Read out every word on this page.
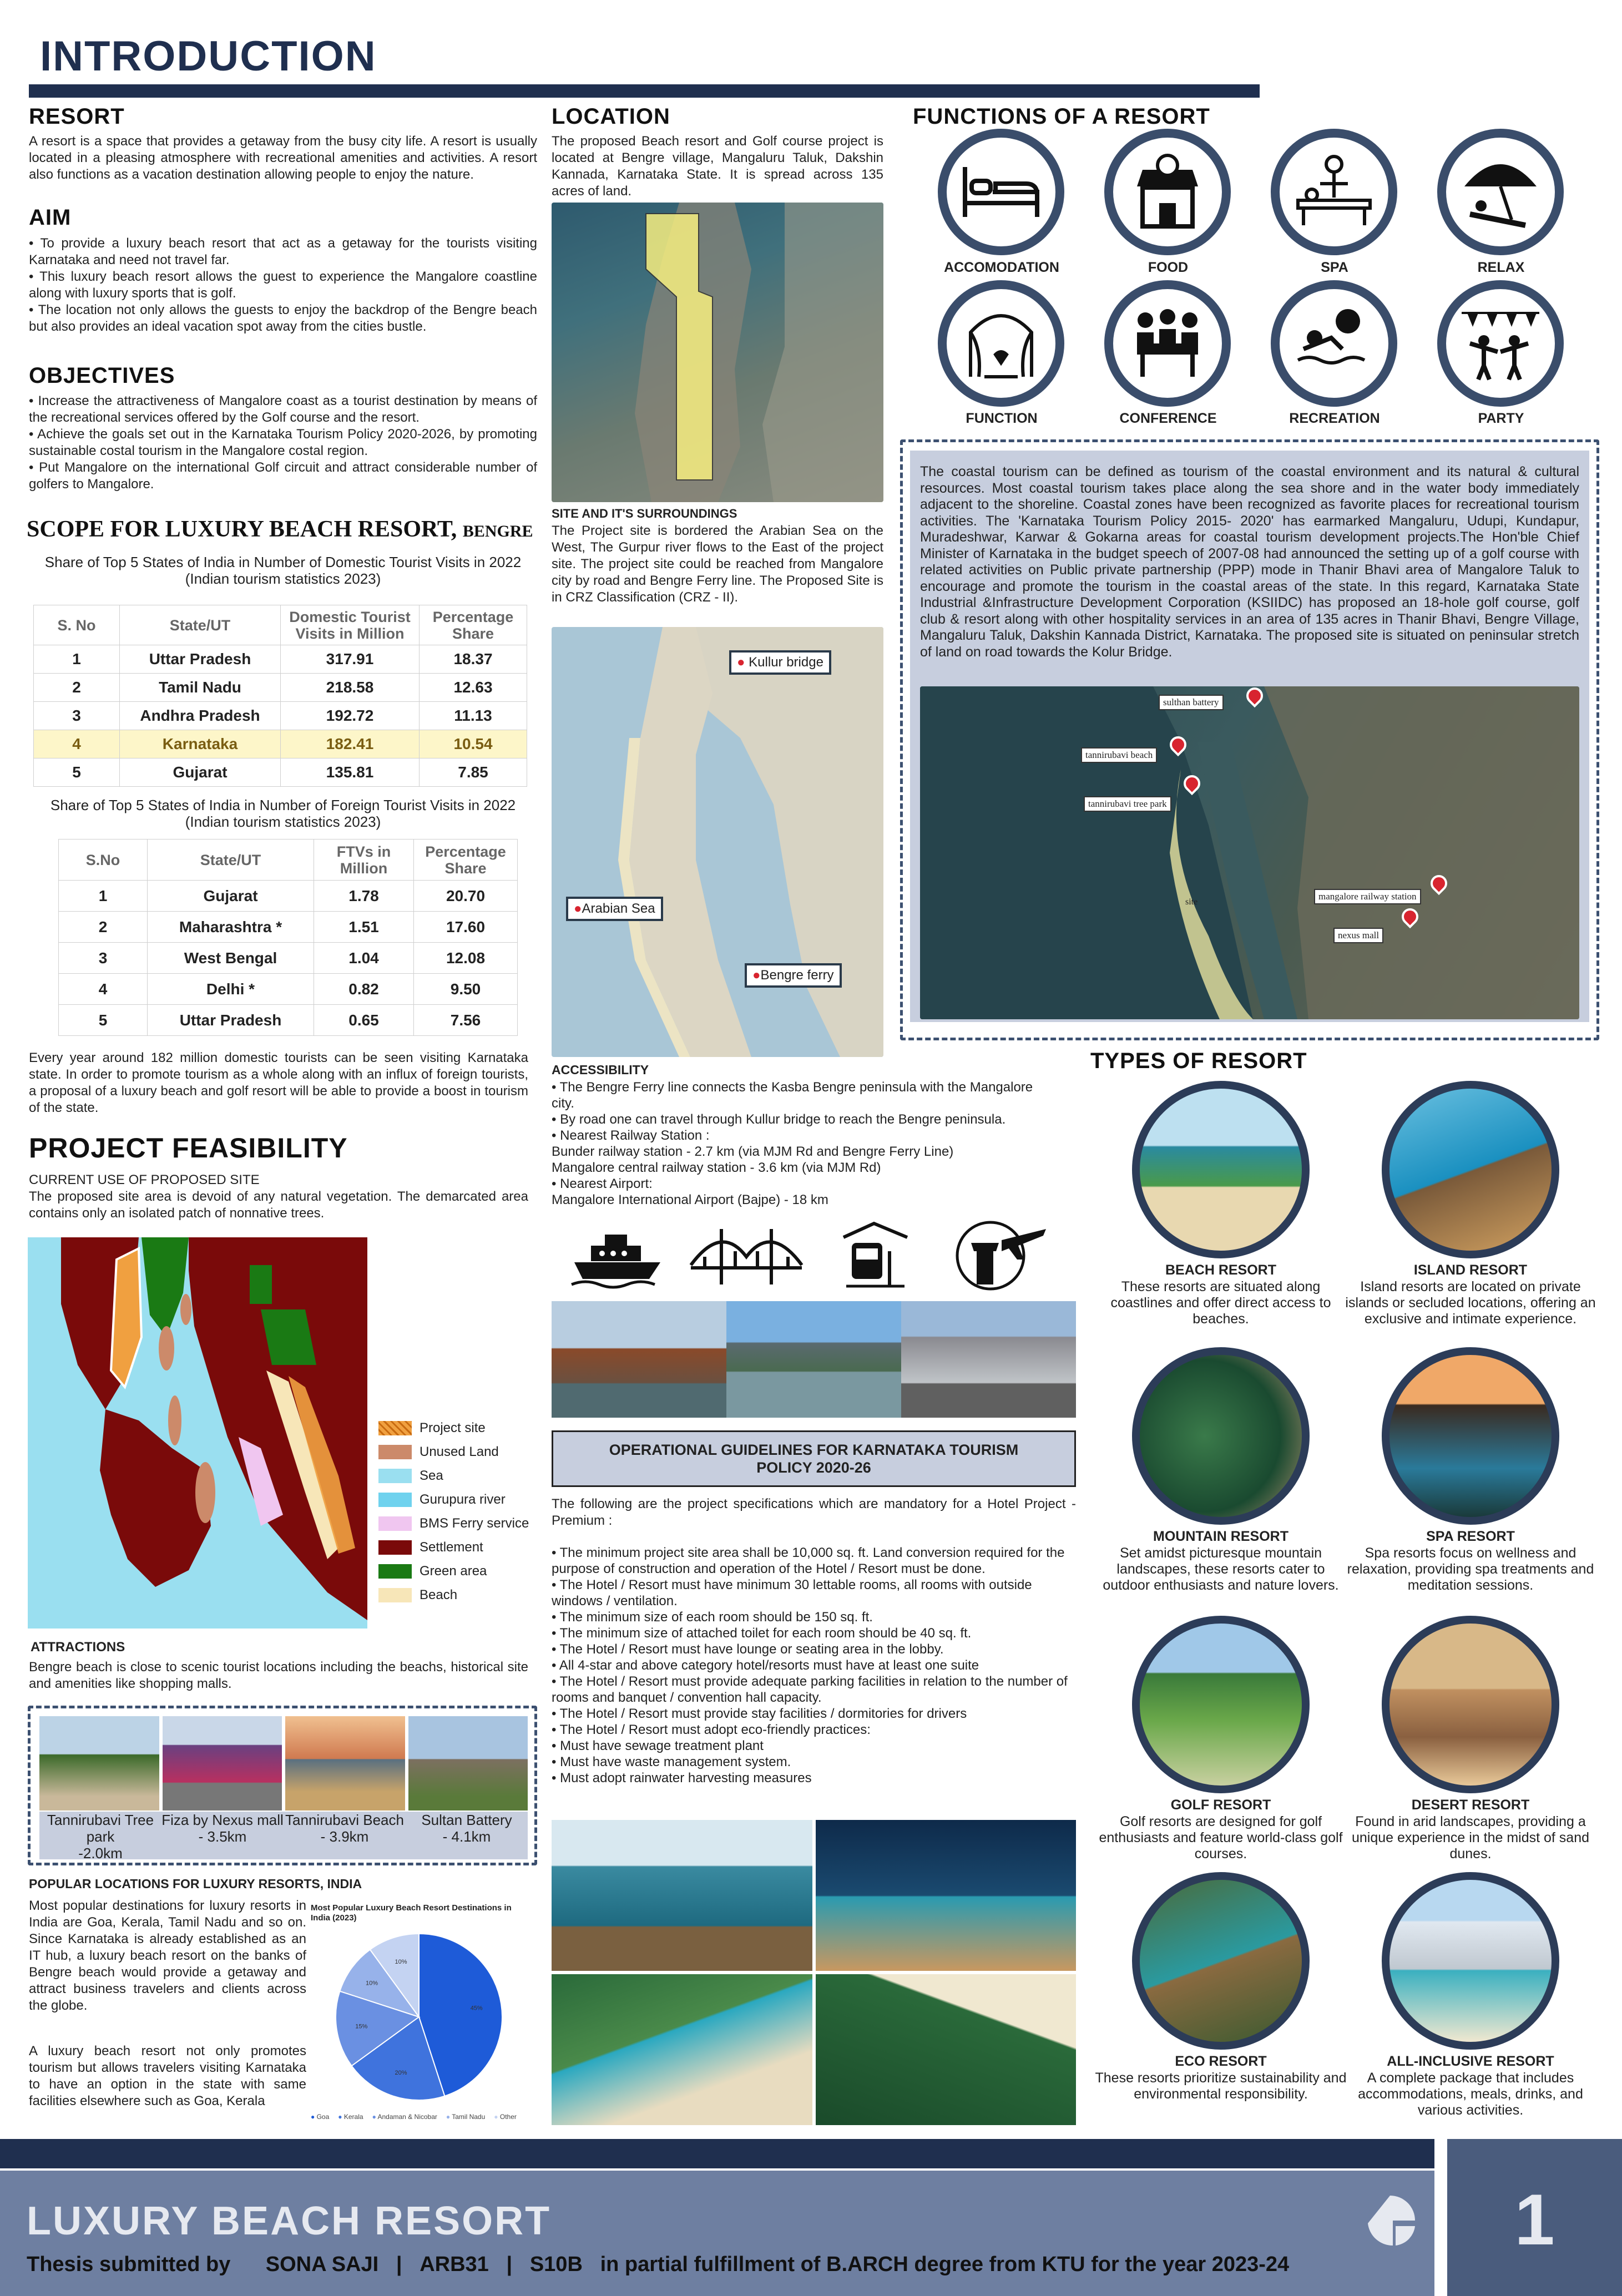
INTRODUCTION
RESORT
A resort is a space that provides a getaway from the busy city life. A resort is usually located in a pleasing atmosphere with recreational amenities and activities. A resort also functions as a vacation destination allowing people to enjoy the nature.
AIM
• To provide a luxury beach resort that act as a getaway for the tourists visiting Karnataka and need not travel far.
• This luxury beach resort allows the guest to experience the Mangalore coastline along with luxury sports that is golf.
• The location not only allows the guests to enjoy the backdrop of the Bengre beach but also provides an ideal vacation spot away from the cities bustle.
OBJECTIVES
• Increase the attractiveness of Mangalore coast as a tourist destination by means of the recreational services offered by the Golf course and the resort.
• Achieve the goals set out in the Karnataka Tourism Policy 2020-2026, by promoting sustainable costal tourism in the Mangalore costal region.
• Put Mangalore on the international Golf circuit and attract considerable number of golfers to Mangalore.
SCOPE FOR LUXURY BEACH RESORT, BENGRE
Share of Top 5 States of India in Number of Domestic Tourist Visits in 2022 (Indian tourism statistics 2023)
S. No	State/UT	Domestic Tourist Visits in Million	Percentage Share
1	Uttar Pradesh	317.91	18.37
2	Tamil Nadu	218.58	12.63
3	Andhra Pradesh	192.72	11.13
4	Karnataka	182.41	10.54
5	Gujarat	135.81	7.85
Share of Top 5 States of India in Number of Foreign Tourist Visits in 2022 (Indian tourism statistics 2023)
S.No	State/UT	FTVs in Million	Percentage Share
1	Gujarat	1.78	20.70
2	Maharashtra *	1.51	17.60
3	West Bengal	1.04	12.08
4	Delhi *	0.82	9.50
5	Uttar Pradesh	0.65	7.56
Every year around 182 million domestic tourists can be seen visiting Karnataka state. In order to promote tourism as a whole along with an influx of foreign tourists, a proposal of a luxury beach and golf resort will be able to provide a boost in tourism of the state.
PROJECT FEASIBILITY
CURRENT USE OF PROPOSED SITE
The proposed site area is devoid of any natural vegetation. The demarcated area contains only an isolated patch of nonnative trees.
Project site
Unused Land
Sea
Gurupura river
BMS Ferry service
Settlement
Green area
Beach
ATTRACTIONS
Bengre beach is close to scenic tourist locations including the beachs, historical site and amenities like shopping malls.
Tannirubavi Tree park
-2.0km
Fiza by Nexus mall
- 3.5km
Tannirubavi Beach
- 3.9km
Sultan Battery
- 4.1km
POPULAR LOCATIONS FOR LUXURY RESORTS, INDIA
Most popular destinations for luxury resorts in India are Goa, Kerala, Tamil Nadu and so on. Since Karnataka is already established as an IT hub, a luxury beach resort on the banks of Bengre beach would provide a getaway and attract business travelers and clients across the globe.
A luxury beach resort not only promotes tourism but allows travelers visiting Karnataka to have an option in the state with same facilities elsewhere such as Goa, Kerala
Most Popular Luxury Beach Resort Destinations in India (2023)
45%
20%
15%
10%
10%
● Goa ● Kerala ● Andaman & Nicobar ● Tamil Nadu ● Other
LOCATION
The proposed Beach resort and Golf course project is located at Bengre village, Mangaluru Taluk, Dakshin Kannada, Karnataka State. It is spread across 135 acres of land.
SITE AND IT'S SURROUNDINGS
The Project site is bordered the Arabian Sea on the West, The Gurpur river flows to the East of the project site. The project site could be reached from Mangalore city by road and Bengre Ferry line. The Proposed Site is in CRZ Classification (CRZ - II).
● Kullur bridge
●Arabian Sea
●Bengre ferry
ACCESSIBILITY
• The Bengre Ferry line connects the Kasba Bengre peninsula with the Mangalore city.
• By road one can travel through Kullur bridge to reach the Bengre peninsula.
• Nearest Railway Station :
Bunder railway station - 2.7 km (via MJM Rd and Bengre Ferry Line)
Mangalore central railway station - 3.6 km (via MJM Rd)
• Nearest Airport:
Mangalore International Airport (Bajpe) - 18 km
OPERATIONAL GUIDELINES FOR KARNATAKA TOURISM POLICY 2020-26
The following are the project specifications which are mandatory for a Hotel Project - Premium :
• The minimum project site area shall be 10,000 sq. ft. Land conversion required for the purpose of construction and operation of the Hotel / Resort must be done.
• The Hotel / Resort must have minimum 30 lettable rooms, all rooms with outside windows / ventilation.
• The minimum size of each room should be 150 sq. ft.
• The minimum size of attached toilet for each room should be 40 sq. ft.
• The Hotel / Resort must have lounge or seating area in the lobby.
• All 4-star and above category hotel/resorts must have at least one suite
• The Hotel / Resort must provide adequate parking facilities in relation to the number of rooms and banquet / convention hall capacity.
• The Hotel / Resort must provide stay facilities / dormitories for drivers
• The Hotel / Resort must adopt eco-friendly practices:
• Must have sewage treatment plant
• Must have waste management system.
• Must adopt rainwater harvesting measures
FUNCTIONS OF A RESORT
ACCOMODATION	FOOD	SPA	RELAX
FUNCTION	CONFERENCE	RECREATION	PARTY
The coastal tourism can be defined as tourism of the coastal environment and its natural & cultural resources. Most coastal tourism takes place along the sea shore and in the water body immediately adjacent to the shoreline. Coastal zones have been recognized as favorite places for recreational tourism activities. The 'Karnataka Tourism Policy 2015- 2020' has earmarked Mangaluru, Udupi, Kundapur, Muradeshwar, Karwar & Gokarna areas for coastal tourism development projects.The Hon'ble Chief Minister of Karnataka in the budget speech of 2007-08 had announced the setting up of a golf course with related activities on Public private partnership (PPP) mode in Thanir Bhavi area of Mangalore Taluk to encourage and promote the tourism in the coastal areas of the state. In this regard, Karnataka State Industrial &Infrastructure Development Corporation (KSIIDC) has proposed an 18-hole golf course, golf club & resort along with other hospitality services in an area of 135 acres in Thanir Bhavi, Bengre Village, Mangaluru Taluk, Dakshin Kannada District, Karnataka. The proposed site is situated on peninsular stretch of land on road towards the Kolur Bridge.
sulthan battery
tannirubavi beach
tannirubavi tree park
site
mangalore railway station
nexus mall
TYPES OF RESORT
BEACH RESORT
These resorts are situated along coastlines and offer direct access to beaches.
ISLAND RESORT
Island resorts are located on private islands or secluded locations, offering an exclusive and intimate experience.
MOUNTAIN RESORT
Set amidst picturesque mountain landscapes, these resorts cater to outdoor enthusiasts and nature lovers.
SPA RESORT
Spa resorts focus on wellness and relaxation, providing spa treatments and meditation sessions.
GOLF RESORT
Golf resorts are designed for golf enthusiasts and feature world-class golf courses.
DESERT RESORT
Found in arid landscapes, providing a unique experience in the midst of sand dunes.
ECO RESORT
These resorts prioritize sustainability and environmental responsibility.
ALL-INCLUSIVE RESORT
A complete package that includes accommodations, meals, drinks, and various activities.
LUXURY BEACH RESORT
Thesis submitted by SONA SAJI | ARB31 | S10B in partial fulfillment of B.ARCH degree from KTU for the year 2023-24
1
